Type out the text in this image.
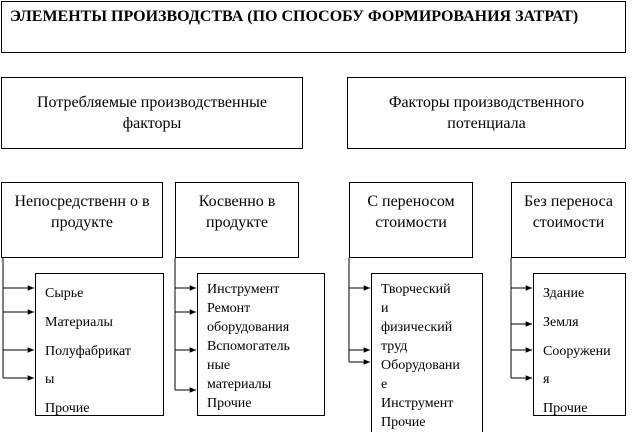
ЭЛЕМЕНТЫ ПРОИЗВОДСТВА (ПО СПОСОБУ ФОРМИРОВАНИЯ ЗАТРАТ)
Потребляемые производственные факторы
Факторы производственного потенциала
Непосредственн о в продукте
Косвенно в продукте
С переносом стоимости
Без переноса стоимости
Сырье
Материалы
Полуфабрикат
ы
Прочие
Инструмент
Ремонт
оборудования
Вспомогатель
ные
материалы
Прочие
Творческий
и
физический
труд
Оборудовани
е
Инструмент
Прочие
Здание
Земля
Сооружени
я
Прочие
